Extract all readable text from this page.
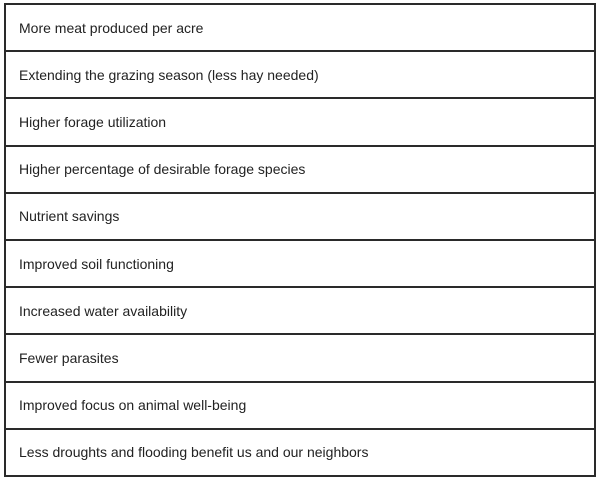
More meat produced per acre
Extending the grazing season (less hay needed)
Higher forage utilization
Higher percentage of desirable forage species
Nutrient savings
Improved soil functioning
Increased water availability
Fewer parasites
Improved focus on animal well-being
Less droughts and flooding benefit us and our neighbors
